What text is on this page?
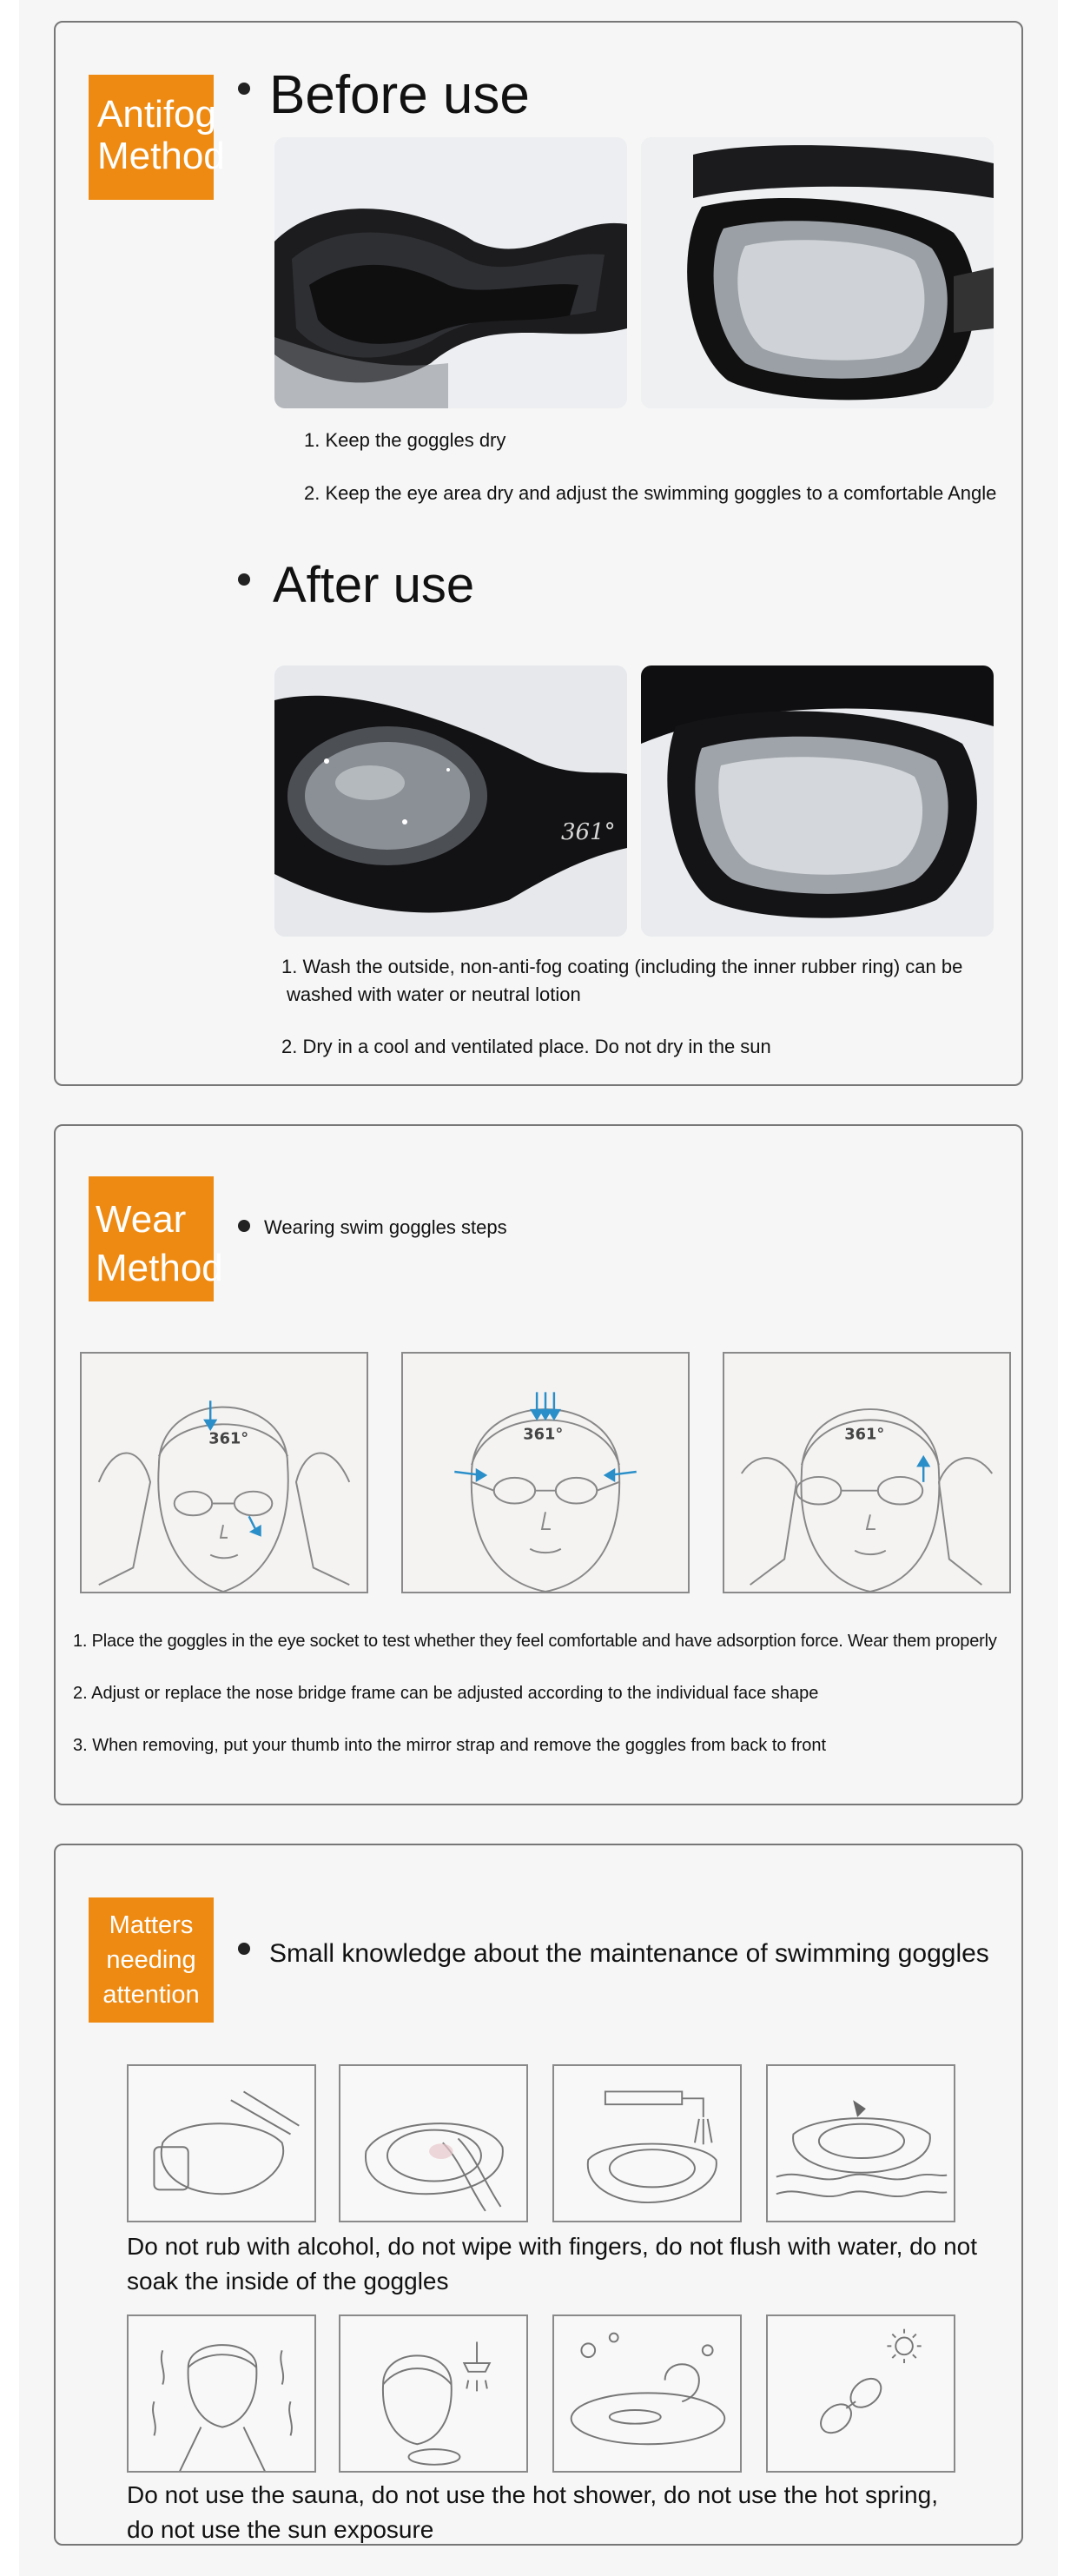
Antifog
Method
Before use
1. Keep the goggles dry
2. Keep the eye area dry and adjust the swimming goggles to a comfortable Angle
After use
361°
1. Wash the outside, non-anti-fog coating (including the inner rubber ring) can be
washed with water or neutral lotion
2. Dry in a cool and ventilated place. Do not dry in the sun
Wear
Method
Wearing swim goggles steps
361°	361°	361°
1. Place the goggles in the eye socket to test whether they feel comfortable and have adsorption force. Wear them properly
2. Adjust or replace the nose bridge frame can be adjusted according to the individual face shape
3. When removing, put your thumb into the mirror strap and remove the goggles from back to front
Matters
needing
attention
Small knowledge about the maintenance of swimming goggles
Do not rub with alcohol, do not wipe with fingers, do not flush with water, do not
soak the inside of the goggles
Do not use the sauna, do not use the hot shower, do not use the hot spring,
do not use the sun exposure
